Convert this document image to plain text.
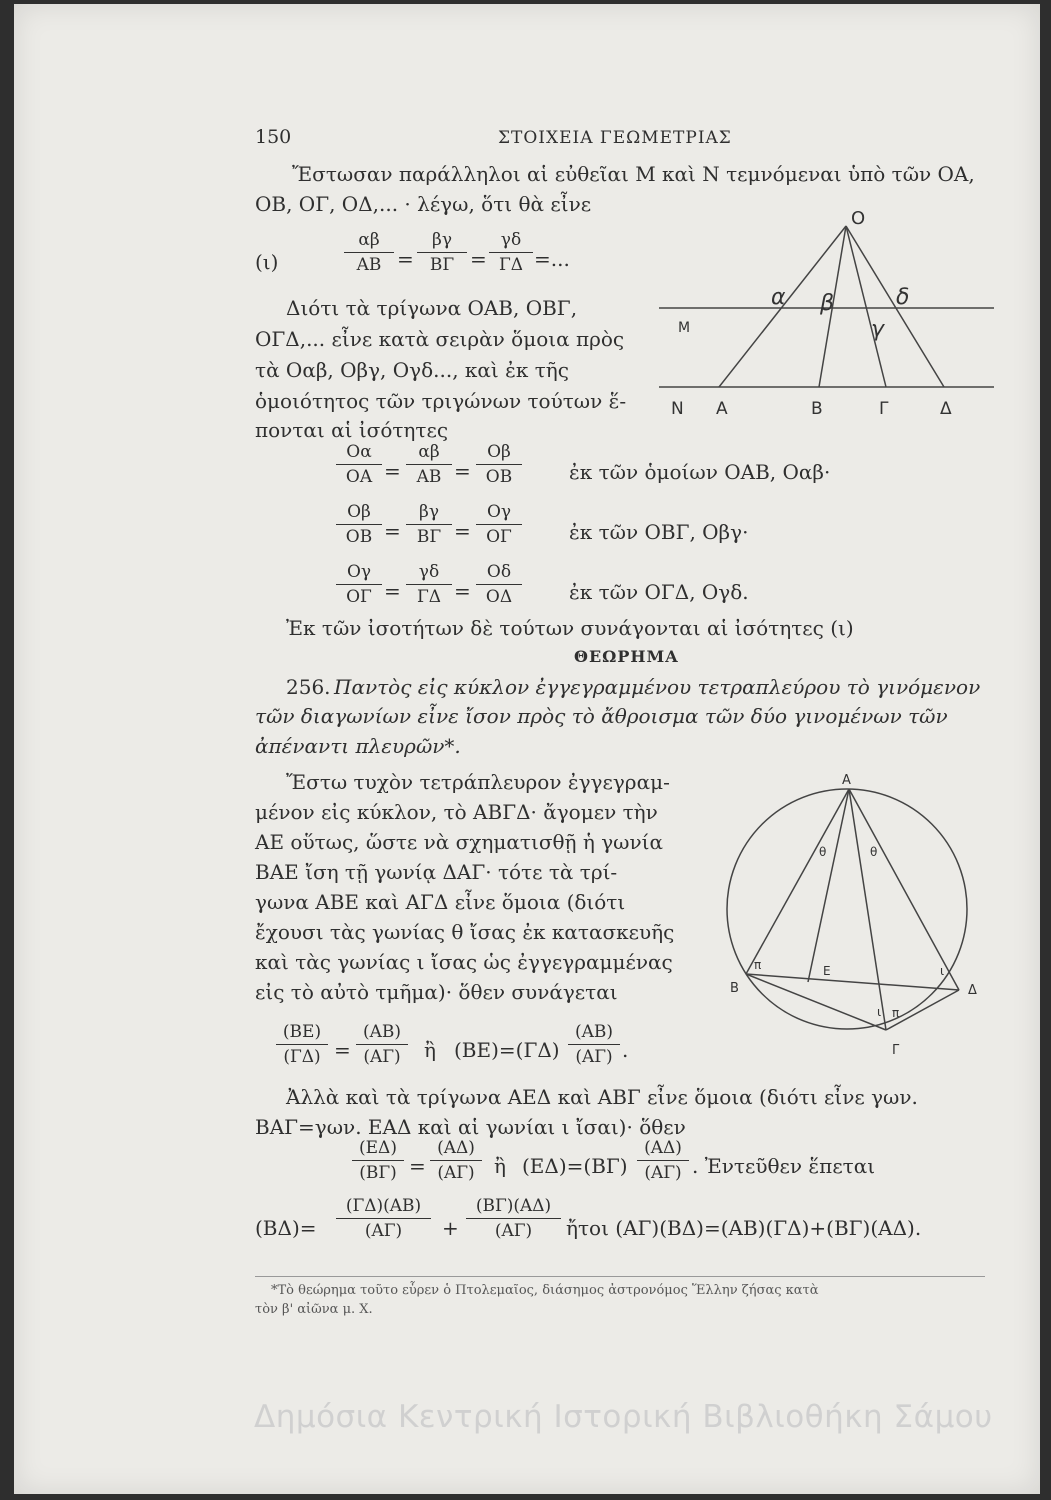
150	ΣΤΟΙΧΕΙΑ ΓΕΩΜΕΤΡΙΑΣ
Ἔστωσαν παράλληλοι αἱ εὐθεῖαι Μ καὶ Ν τεμνόμεναι ὑπὸ τῶν ΟΑ,
ΟΒ, ΟΓ, ΟΔ,... · λέγω, ὅτι θὰ εἶνε
(ι)
αβ
ΑΒ =
βγ
ΒΓ =
γδ
ΓΔ =...
Διότι τὰ τρίγωνα ΟΑΒ, ΟΒΓ,
ΟΓΔ,... εἶνε κατὰ σειρὰν ὅμοια πρὸς
τὰ Οαβ, Οβγ, Ογδ..., καὶ ἐκ τῆς
ὁμοιότητος τῶν τριγώνων τούτων ἕ-
πονται αἱ ἰσότητες
O
α β
γ
δ
M
N A	B	Γ	Δ
Οα
ΟΑ =
αβ
ΑΒ =
Οβ
ΟΒ	ἐκ τῶν ὁμοίων ΟΑΒ, Οαβ·
Οβ
ΟΒ =
βγ
ΒΓ =
Ογ
ΟΓ	ἐκ τῶν ΟΒΓ, Οβγ·
Ογ
ΟΓ =
γδ
ΓΔ =
Οδ
ΟΔ	ἐκ τῶν ΟΓΔ, Ογδ.
Ἐκ τῶν ἰσοτήτων δὲ τούτων συνάγονται αἱ ἰσότητες (ι)
ΘΕΩΡΗΜΑ
256. Παντὸς εἰς κύκλον ἐγγεγραμμένου τετραπλεύρου τὸ γινόμενον
τῶν διαγωνίων εἶνε ἴσον πρὸς τὸ ἄθροισμα τῶν δύο γινομένων τῶν
ἀπέναντι πλευρῶν*.
Ἔστω τυχὸν τετράπλευρον ἐγγεγραμ-
μένον εἰς κύκλον, τὸ ΑΒΓΔ· ἄγομεν τὴν
ΑΕ οὕτως, ὥστε νὰ σχηματισθῇ ἡ γωνία
ΒΑΕ ἴση τῇ γωνίᾳ ΔΑΓ· τότε τὰ τρί-
γωνα ΑΒΕ καὶ ΑΓΔ εἶνε ὅμοια (διότι
ἔχουσι τὰς γωνίας θ ἴσας ἐκ κατασκευῆς
καὶ τὰς γωνίας ι ἴσας ὡς ἐγγεγραμμένας
εἰς τὸ αὐτὸ τμῆμα)· ὅθεν συνάγεται
A
B
Γ
Δ
E
θ	θ
π
π
ι
ι
(ΒΕ)
(ΓΔ) =
(ΑΒ)
(ΑΓ)	ἢ (ΒΕ)=(ΓΔ)
(ΑΒ)
(ΑΓ) .
Ἀλλὰ καὶ τὰ τρίγωνα ΑΕΔ καὶ ΑΒΓ εἶνε ὅμοια (διότι εἶνε γων.
ΒΑΓ=γων. ΕΑΔ καὶ αἱ γωνίαι ι ἴσαι)· ὅθεν
(ΕΔ)
(ΒΓ) =
(ΑΔ)
(ΑΓ) ἢ (ΕΔ)=(ΒΓ)
(ΑΔ)
(ΑΓ) . Ἐντεῦθεν ἕπεται
(ΒΔ)=
(ΓΔ)(ΑΒ)
(ΑΓ)	+
(ΒΓ)(ΑΔ)
(ΑΓ)	ἤτοι (ΑΓ)(ΒΔ)=(ΑΒ)(ΓΔ)+(ΒΓ)(ΑΔ).
*Τὸ θεώρημα τοῦτο εὗρεν ὁ Πτολεμαῖος, διάσημος ἀστρονόμος Ἕλλην ζήσας κατὰ
τὸν β' αἰῶνα μ. Χ.
Δημόσια Κεντρική Ιστορική Βιβλιοθήκη Σάμου
